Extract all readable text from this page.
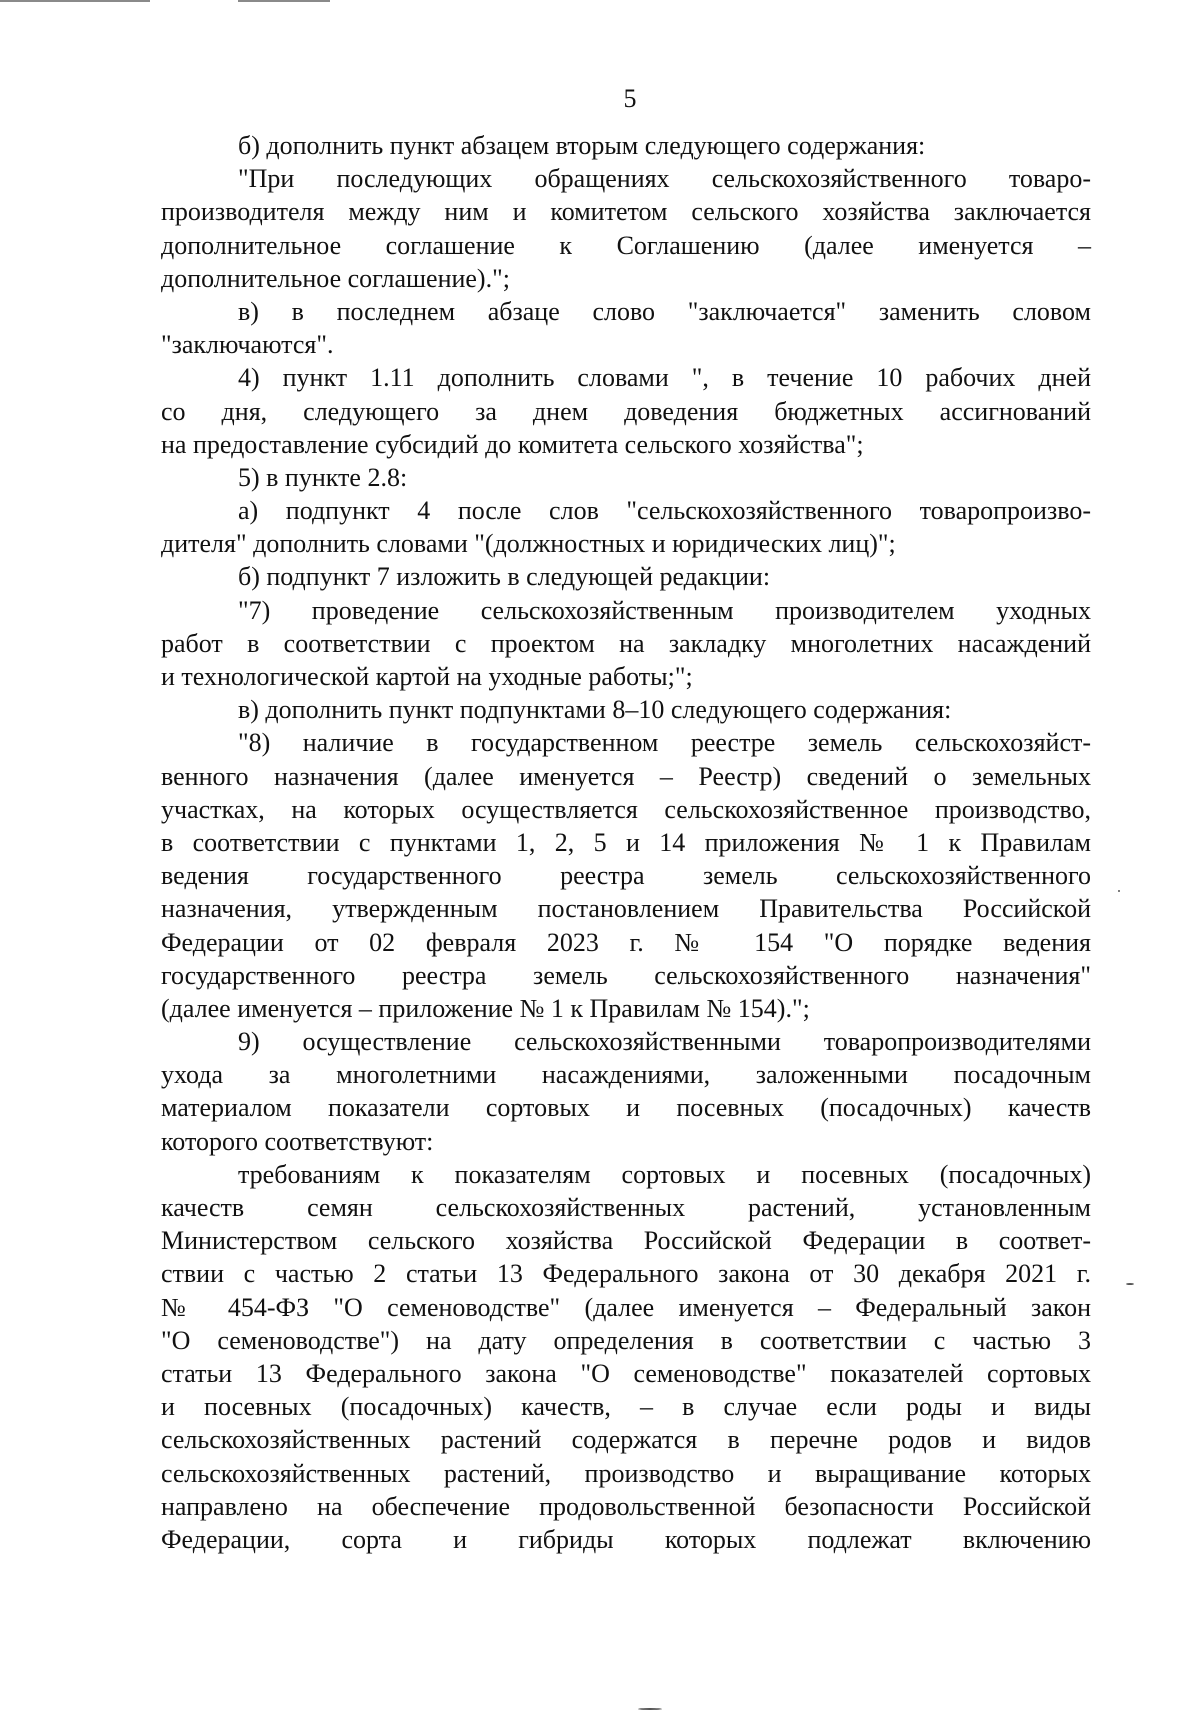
5
б) дополнить пункт абзацем вторым следующего содержания:
"При последующих обращениях сельскохозяйственного товаро-
производителя между ним и комитетом сельского хозяйства заключается
дополнительное соглашение к Соглашению (далее именуется –
дополнительное соглашение).";
в) в последнем абзаце слово "заключается" заменить словом
"заключаются".
4) пункт 1.11 дополнить словами ", в течение 10 рабочих дней
со дня, следующего за днем доведения бюджетных ассигнований
на предоставление субсидий до комитета сельского хозяйства";
5) в пункте 2.8:
а) подпункт 4 после слов "сельскохозяйственного товаропроизво-
дителя" дополнить словами "(должностных и юридических лиц)";
б) подпункт 7 изложить в следующей редакции:
"7) проведение сельскохозяйственным производителем уходных
работ в соответствии с проектом на закладку многолетних насаждений
и технологической картой на уходные работы;";
в) дополнить пункт подпунктами 8–10 следующего содержания:
"8) наличие в государственном реестре земель сельскохозяйст-
венного назначения (далее именуется – Реестр) сведений о земельных
участках, на которых осуществляется сельскохозяйственное производство,
в соответствии с пунктами 1, 2, 5 и 14 приложения № 1 к Правилам
ведения государственного реестра земель сельскохозяйственного
назначения, утвержденным постановлением Правительства Российской
Федерации от 02 февраля 2023 г. № 154 "О порядке ведения
государственного реестра земель сельскохозяйственного назначения"
(далее именуется – приложение № 1 к Правилам № 154).";
9) осуществление сельскохозяйственными товаропроизводителями
ухода за многолетними насаждениями, заложенными посадочным
материалом показатели сортовых и посевных (посадочных) качеств
которого соответствуют:
требованиям к показателям сортовых и посевных (посадочных)
качеств семян сельскохозяйственных растений, установленным
Министерством сельского хозяйства Российской Федерации в соответ-
ствии с частью 2 статьи 13 Федерального закона от 30 декабря 2021 г.
№ 454-ФЗ "О семеноводстве" (далее именуется – Федеральный закон
"О семеноводстве") на дату определения в соответствии с частью 3
статьи 13 Федерального закона "О семеноводстве" показателей сортовых
и посевных (посадочных) качеств, – в случае если роды и виды
сельскохозяйственных растений содержатся в перечне родов и видов
сельскохозяйственных растений, производство и выращивание которых
направлено на обеспечение продовольственной безопасности Российской
Федерации, сорта и гибриды которых подлежат включению
